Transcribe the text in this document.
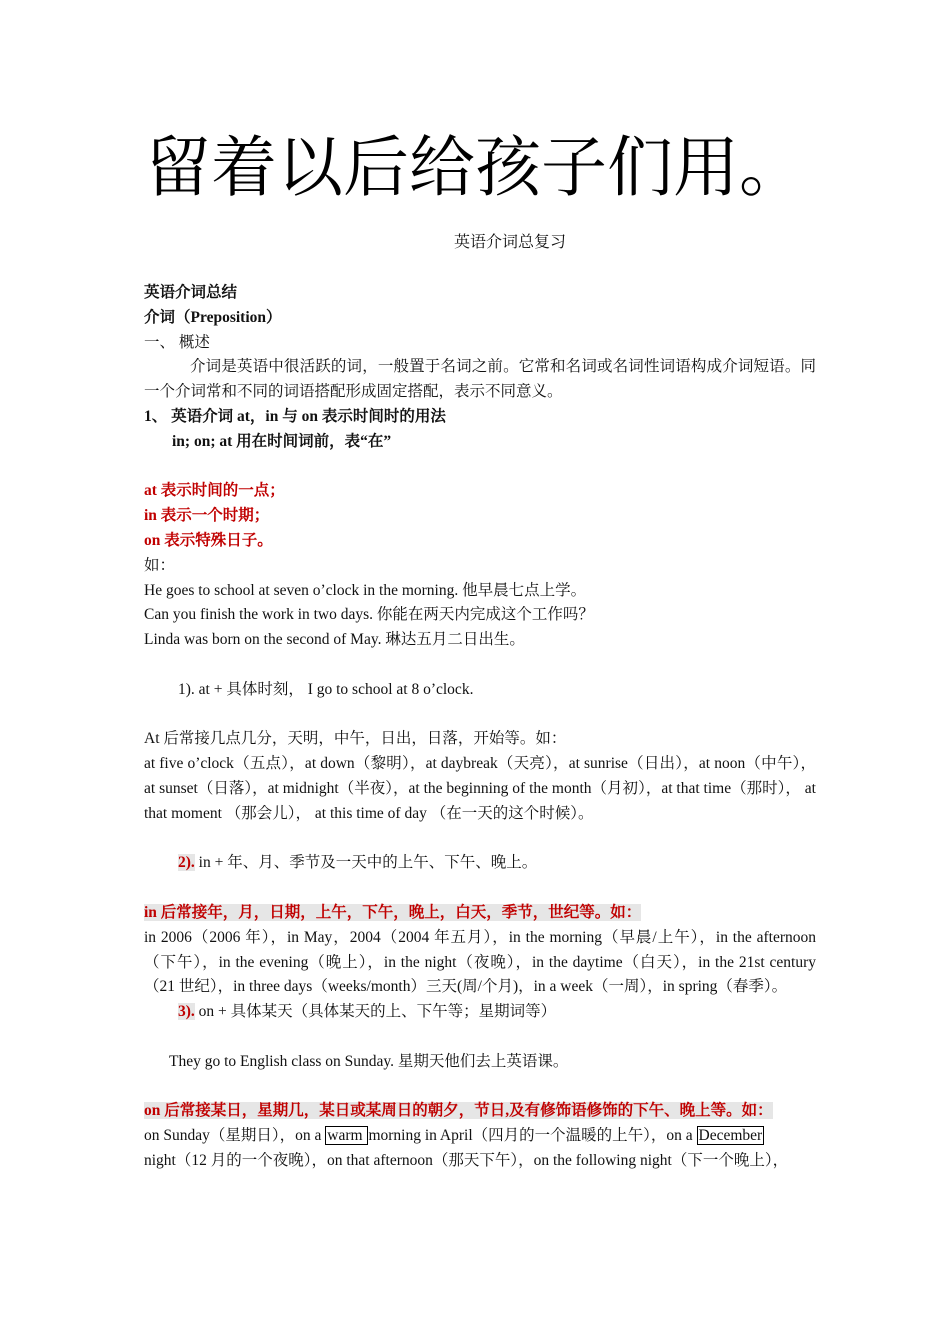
留着以后给孩子们用。
英语介词总复习
英语介词总结
介词（Preposition）
一、 概述
介词是英语中很活跃的词，一般置于名词之前。它常和名词或名词性词语构成介词短语。同一个介词常和不同的词语搭配形成固定搭配，表示不同意义。
1、 英语介词 at，in 与 on 表示时间时的用法
in; on; at 用在时间词前，表“在”
at 表示时间的一点；
in 表示一个时期；
on 表示特殊日子。
如：
He goes to school at seven o’clock in the morning. 他早晨七点上学。
Can you finish the work in two days. 你能在两天内完成这个工作吗？
Linda was born on the second of May. 琳达五月二日出生。
1). at + 具体时刻， I go to school at 8 o’clock.
At 后常接几点几分，天明，中午，日出，日落，开始等。如：
at five o’clock（五点），at down（黎明），at daybreak（天亮），at sunrise（日出），at noon（中午），at sunset（日落），at midnight（半夜），at the beginning of the month（月初），at that time（那时）， at that moment （那会儿）， at this time of day （在一天的这个时候）。
2). in + 年、月、季节及一天中的上午、下午、晚上。
in 后常接年，月，日期，上午，下午，晚上，白天，季节，世纪等。如：
in 2006（2006 年），in May，2004（2004 年五月），in the morning（早晨/上午），in the afternoon（下午），in the evening（晚上），in the night（夜晚），in the daytime（白天），in the 21st century（21 世纪），in three days（weeks/month）三天(周/个月)，in a week（一周），in spring（春季）。
3). on + 具体某天（具体某天的上、下午等；星期词等）
They go to English class on Sunday. 星期天他们去上英语课。
on 后常接某日，星期几，某日或某周日的朝夕，节日,及有修饰语修饰的下午、晚上等。如：
on Sunday（星期日），on a warm morning in April（四月的一个温暖的上午），on a December
night（12 月的一个夜晚），on that afternoon（那天下午），on the following night（下一个晚上），
